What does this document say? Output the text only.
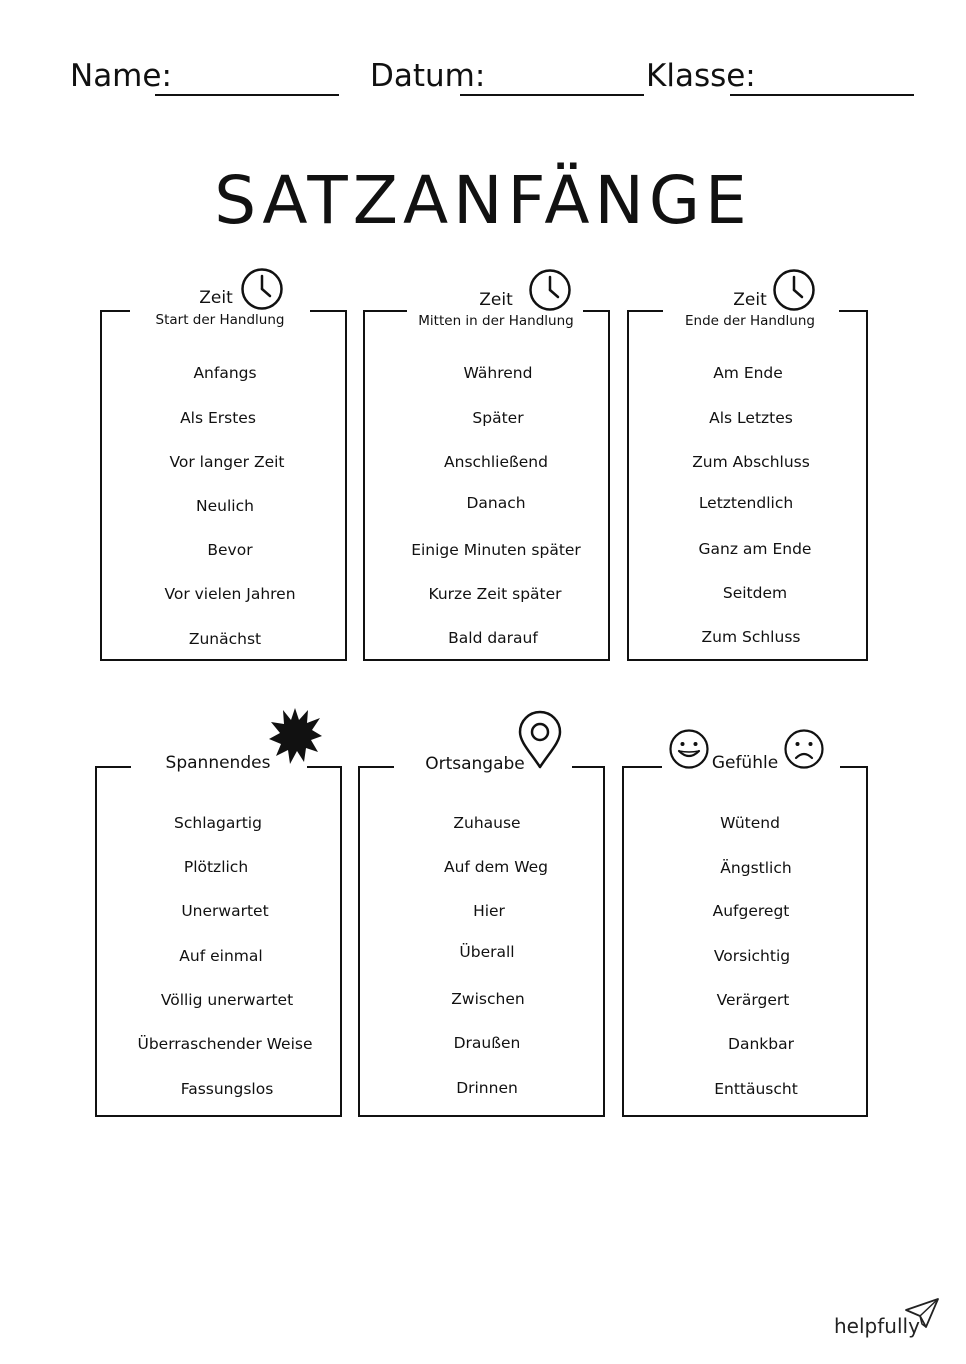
Name:	Datum:	Klasse:
SATZANFÄNGE
Zeit
Start der Handlung
Anfangs
Als Erstes
Vor langer Zeit
Neulich
Bevor
Vor vielen Jahren
Zunächst
Zeit
Mitten in der Handlung
Während
Später
Anschließend
Danach
Einige Minuten später
Kurze Zeit später
Bald darauf
Zeit
Ende der Handlung
Am Ende
Als Letztes
Zum Abschluss
Letztendlich
Ganz am Ende
Seitdem
Zum Schluss
Spannendes
Schlagartig
Plötzlich
Unerwartet
Auf einmal
Völlig unerwartet
Überraschender Weise
Fassungslos
Ortsangabe
Zuhause
Auf dem Weg
Hier
Überall
Zwischen
Draußen
Drinnen
Gefühle
Wütend
Ängstlich
Aufgeregt
Vorsichtig
Verärgert
Dankbar
Enttäuscht
helpfully
